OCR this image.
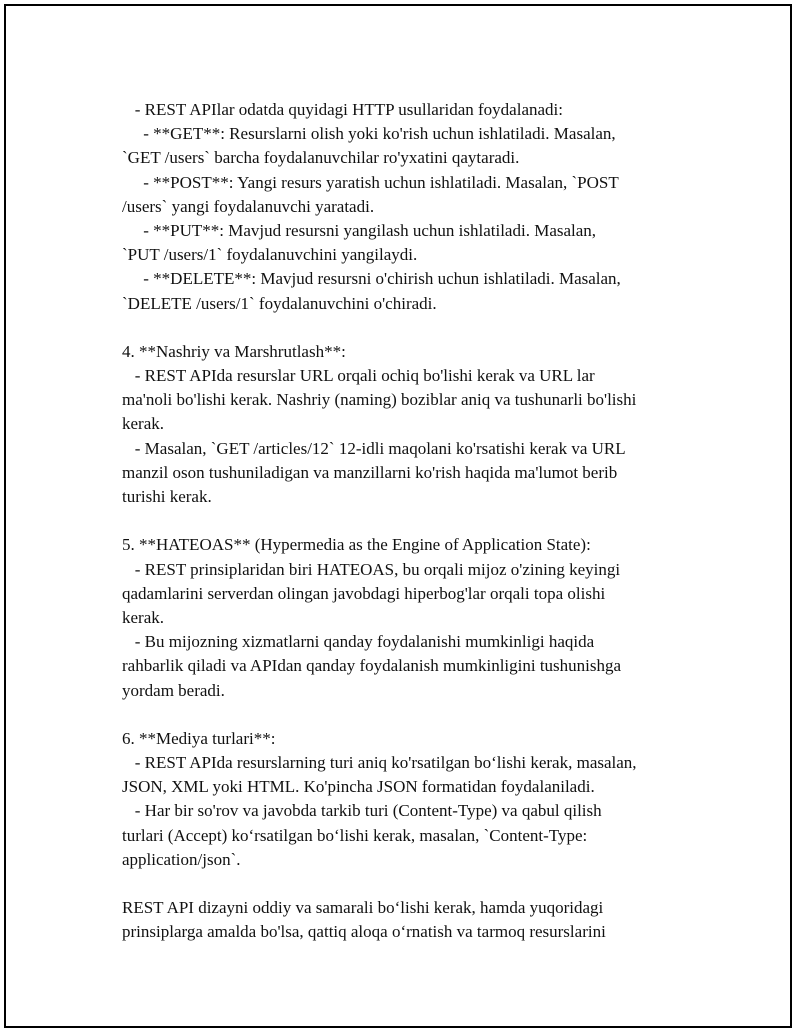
- REST APIlar odatda quyidagi HTTP usullaridan foydalanadi:
- **GET**: Resurslarni olish yoki ko'rish uchun ishlatiladi. Masalan,
`GET /users` barcha foydalanuvchilar ro'yxatini qaytaradi.
- **POST**: Yangi resurs yaratish uchun ishlatiladi. Masalan, `POST
/users` yangi foydalanuvchi yaratadi.
- **PUT**: Mavjud resursni yangilash uchun ishlatiladi. Masalan,
`PUT /users/1` foydalanuvchini yangilaydi.
- **DELETE**: Mavjud resursni o'chirish uchun ishlatiladi. Masalan,
`DELETE /users/1` foydalanuvchini o'chiradi.
4. **Nashriy va Marshrutlash**:
- REST APIda resurslar URL orqali ochiq bo'lishi kerak va URL lar
ma'noli bo'lishi kerak. Nashriy (naming) boziblar aniq va tushunarli bo'lishi
kerak.
- Masalan, `GET /articles/12` 12-idli maqolani ko'rsatishi kerak va URL
manzil oson tushuniladigan va manzillarni ko'rish haqida ma'lumot berib
turishi kerak.
5. **HATEOAS** (Hypermedia as the Engine of Application State):
- REST prinsiplaridan biri HATEOAS, bu orqali mijoz o'zining keyingi
qadamlarini serverdan olingan javobdagi hiperbog'lar orqali topa olishi
kerak.
- Bu mijozning xizmatlarni qanday foydalanishi mumkinligi haqida
rahbarlik qiladi va APIdan qanday foydalanish mumkinligini tushunishga
yordam beradi.
6. **Mediya turlari**:
- REST APIda resurslarning turi aniq ko'rsatilgan boʻlishi kerak, masalan,
JSON, XML yoki HTML. Ko'pincha JSON formatidan foydalaniladi.
- Har bir so'rov va javobda tarkib turi (Content-Type) va qabul qilish
turlari (Accept) koʻrsatilgan boʻlishi kerak, masalan, `Content-Type:
application/json`.
REST API dizayni oddiy va samarali boʻlishi kerak, hamda yuqoridagi
prinsiplarga amalda bo'lsa, qattiq aloqa oʻrnatish va tarmoq resurslarini
